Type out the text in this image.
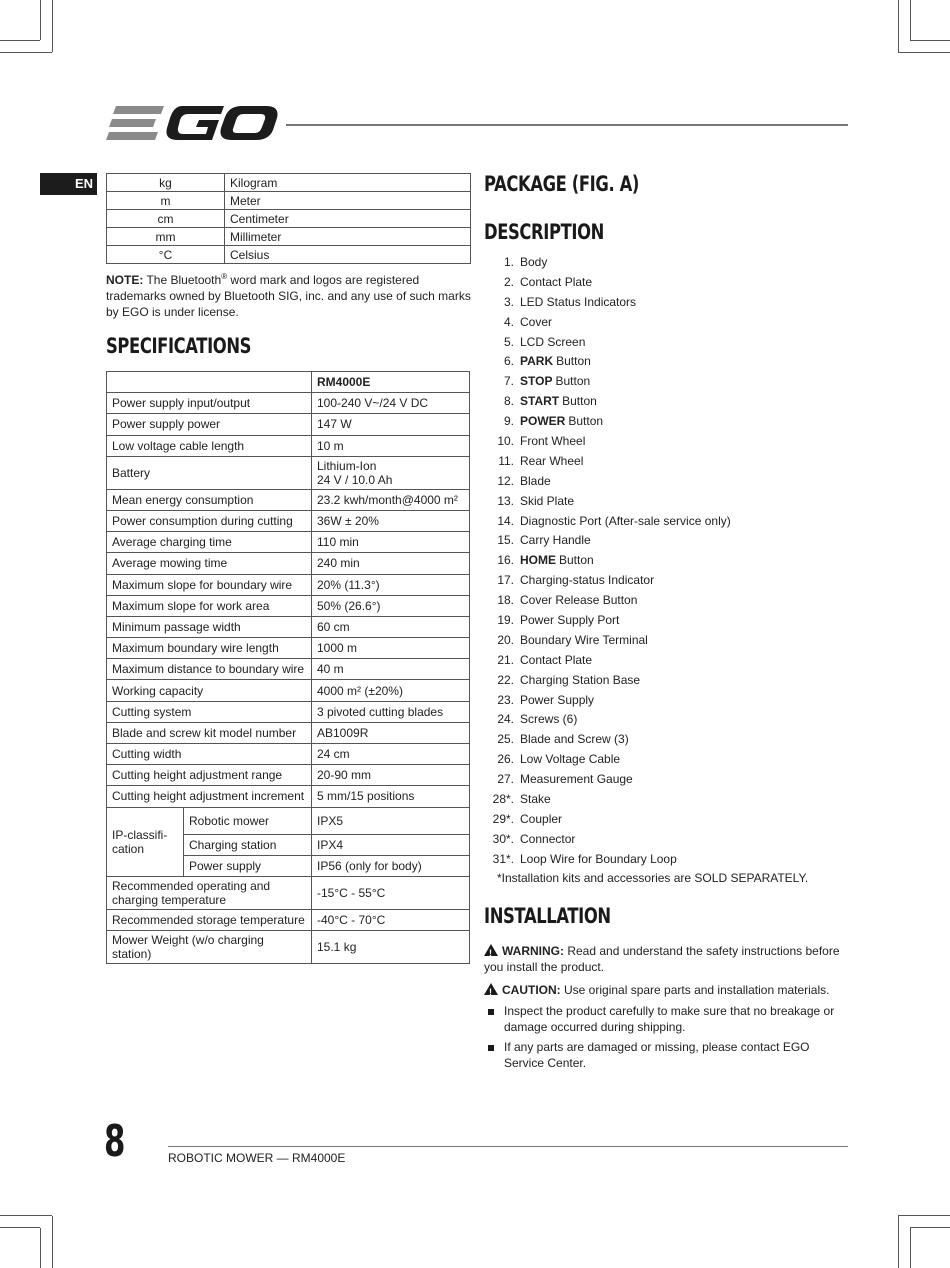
EN	kg	Kilogram
m	Meter
cm	Centimeter
mm	Millimeter
°C	Celsius

NOTE: The Bluetooth® word mark and logos are registered trademarks owned by Bluetooth SIG, inc. and any use of such marks by EGO is under license.

SPECIFICATIONS
		RM4000E
Power supply input/output		100-240 V~/24 V DC
Power supply power		147 W
Low voltage cable length		10 m
Battery		Lithium-Ion
24 V / 10.0 Ah
Mean energy consumption		23.2 kwh/month@4000 m²
Power consumption during cutting		36W ± 20%
Average charging time		110 min
Average mowing time		240 min
Maximum slope for boundary wire		20% (11.3°)
Maximum slope for work area		50% (26.6°)
Minimum passage width		60 cm
Maximum boundary wire length		1000 m
Maximum distance to boundary wire		40 m
Working capacity		4000 m² (±20%)
Cutting system		3 pivoted cutting blades
Blade and screw kit model number		AB1009R
Cutting width		24 cm
Cutting height adjustment range		20-90 mm
Cutting height adjustment increment		5 mm/15 positions
IP-classifi-
cation	Robotic mower	IPX5
	Charging station	IPX4
	Power supply	IP56 (only for body)
Recommended operating and
charging temperature		-15°C - 55°C
Recommended storage temperature		-40°C - 70°C
Mower Weight (w/o charging station)		15.1 kg
PACKAGE (FIG. A)
DESCRIPTION
1. Body
2. Contact Plate
3. LED Status Indicators
4. Cover
5. LCD Screen
6. PARK Button
7. STOP Button
8. START Button
9. POWER Button
10. Front Wheel
11. Rear Wheel
12. Blade
13. Skid Plate
14. Diagnostic Port (After-sale service only)
15. Carry Handle
16. HOME Button
17. Charging-status Indicator
18. Cover Release Button
19. Power Supply Port
20. Boundary Wire Terminal
21. Contact Plate
22. Charging Station Base
23. Power Supply
24. Screws (6)
25. Blade and Screw (3)
26. Low Voltage Cable
27. Measurement Gauge
28*. Stake
29*. Coupler
30*. Connector
31*. Loop Wire for Boundary Loop
*Installation kits and accessories are SOLD SEPARATELY.
INSTALLATION

!WARNING: Read and understand the safety instructions before you install the product.

!CAUTION: Use original spare parts and installation materials.

Inspect the product carefully to make sure that no breakage or damage occurred during shipping.

If any parts are damaged or missing, please contact EGO Service Center.

8	ROBOTIC MOWER — RM4000E
